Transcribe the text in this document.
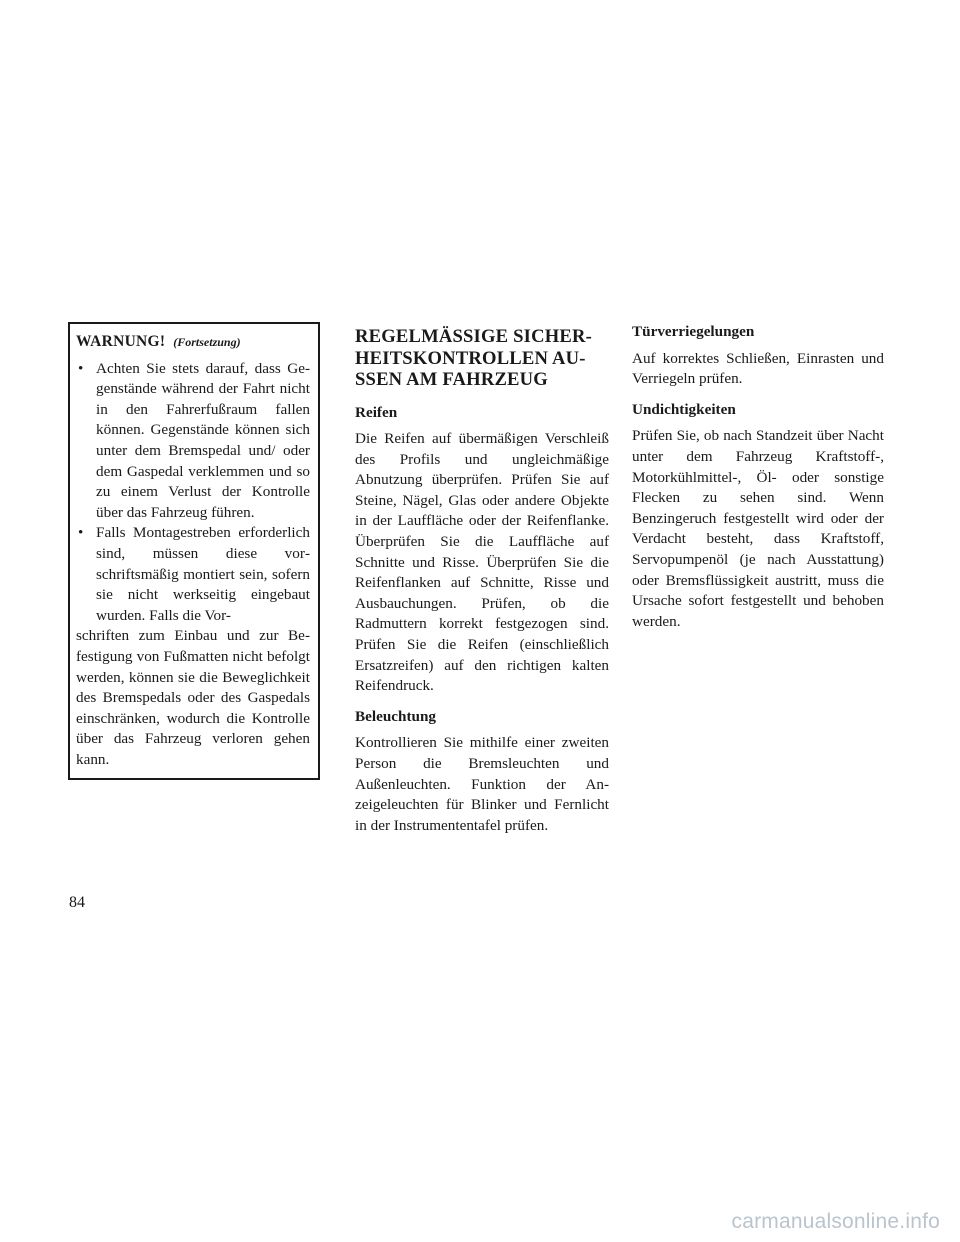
WARNUNG! (Fortsetzung)
• Achten Sie stets darauf, dass Gegenstände während der Fahrt nicht in den Fahrerfußraum fallen können. Gegenstände können sich unter dem Bremspedal und/ oder dem Gaspedal verklemmen und so zu einem Verlust der Kontrolle über das Fahrzeug führen.
• Falls Montagestreben erforderlich sind, müssen diese vorschriftsmäßig montiert sein, sofern sie nicht werkseitig eingebaut wurden. Falls die Vor-

schriften zum Einbau und zur Befestigung von Fußmatten nicht befolgt werden, können sie die Beweglichkeit des Bremspedals oder des Gaspedals einschränken, wodurch die Kontrolle über das Fahrzeug verloren gehen kann.

REGELMÄSSIGE SICHER-
HEITSKONTROLLEN AU-
SSEN AM FAHRZEUG

Reifen

Die Reifen auf übermäßigen Verschleiß des Profils und ungleichmäßige Abnutzung überprüfen. Prüfen Sie auf Steine, Nägel, Glas oder andere Objekte in der Lauffläche oder der Reifenflanke. Überprüfen Sie die Lauffläche auf Schnitte und Risse. Überprüfen Sie die Reifenflanken auf Schnitte, Risse und Ausbauchungen. Prüfen, ob die Radmuttern korrekt festgezogen sind. Prüfen Sie die Reifen (einschließlich Ersatzreifen) auf den richtigen kalten Reifendruck.

Beleuchtung

Kontrollieren Sie mithilfe einer zweiten Person die Bremsleuchten und Außenleuchten. Funktion der Anzeigeleuchten für Blinker und Fernlicht in der Instrumententafel prüfen.

Türverriegelungen

Auf korrektes Schließen, Einrasten und Verriegeln prüfen.

Undichtigkeiten

Prüfen Sie, ob nach Standzeit über Nacht unter dem Fahrzeug Kraftstoff-, Motorkühlmittel-, Öl- oder sonstige Flecken zu sehen sind. Wenn Benzingeruch festgestellt wird oder der Verdacht besteht, dass Kraftstoff, Servopumpenöl (je nach Ausstattung) oder Bremsflüssigkeit austritt, muss die Ursache sofort festgestellt und behoben werden.

84
carmanualsonline.info
